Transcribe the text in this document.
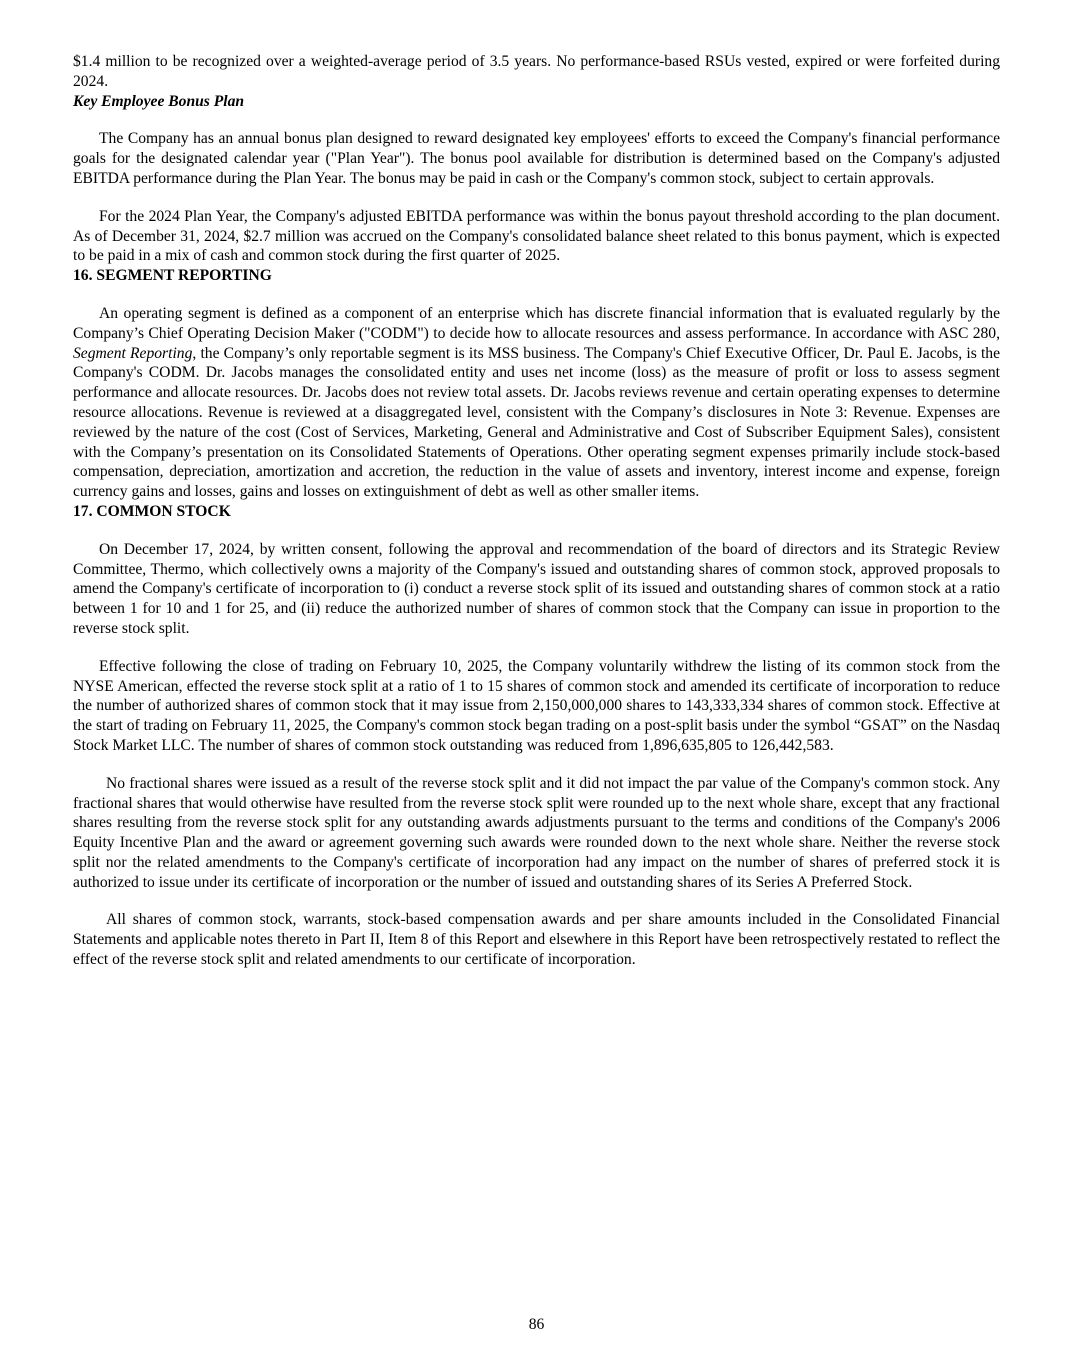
$1.4 million to be recognized over a weighted-average period of 3.5 years. No performance-based RSUs vested, expired or were forfeited during 2024.

Key Employee Bonus Plan

The Company has an annual bonus plan designed to reward designated key employees' efforts to exceed the Company's financial performance goals for the designated calendar year ("Plan Year"). The bonus pool available for distribution is determined based on the Company's adjusted EBITDA performance during the Plan Year. The bonus may be paid in cash or the Company's common stock, subject to certain approvals.

For the 2024 Plan Year, the Company's adjusted EBITDA performance was within the bonus payout threshold according to the plan document. As of December 31, 2024, $2.7 million was accrued on the Company's consolidated balance sheet related to this bonus payment, which is expected to be paid in a mix of cash and common stock during the first quarter of 2025.

16. SEGMENT REPORTING

An operating segment is defined as a component of an enterprise which has discrete financial information that is evaluated regularly by the Company’s Chief Operating Decision Maker ("CODM") to decide how to allocate resources and assess performance. In accordance with ASC 280, Segment Reporting, the Company’s only reportable segment is its MSS business. The Company's Chief Executive Officer, Dr. Paul E. Jacobs, is the Company's CODM. Dr. Jacobs manages the consolidated entity and uses net income (loss) as the measure of profit or loss to assess segment performance and allocate resources. Dr. Jacobs does not review total assets. Dr. Jacobs reviews revenue and certain operating expenses to determine resource allocations. Revenue is reviewed at a disaggregated level, consistent with the Company’s disclosures in Note 3: Revenue. Expenses are reviewed by the nature of the cost (Cost of Services, Marketing, General and Administrative and Cost of Subscriber Equipment Sales), consistent with the Company’s presentation on its Consolidated Statements of Operations. Other operating segment expenses primarily include stock-based compensation, depreciation, amortization and accretion, the reduction in the value of assets and inventory, interest income and expense, foreign currency gains and losses, gains and losses on extinguishment of debt as well as other smaller items.

17. COMMON STOCK

On December 17, 2024, by written consent, following the approval and recommendation of the board of directors and its Strategic Review Committee, Thermo, which collectively owns a majority of the Company's issued and outstanding shares of common stock, approved proposals to amend the Company's certificate of incorporation to (i) conduct a reverse stock split of its issued and outstanding shares of common stock at a ratio between 1 for 10 and 1 for 25, and (ii) reduce the authorized number of shares of common stock that the Company can issue in proportion to the reverse stock split.

Effective following the close of trading on February 10, 2025, the Company voluntarily withdrew the listing of its common stock from the NYSE American, effected the reverse stock split at a ratio of 1 to 15 shares of common stock and amended its certificate of incorporation to reduce the number of authorized shares of common stock that it may issue from 2,150,000,000 shares to 143,333,334 shares of common stock. Effective at the start of trading on February 11, 2025, the Company's common stock began trading on a post-split basis under the symbol “GSAT” on the Nasdaq Stock Market LLC. The number of shares of common stock outstanding was reduced from 1,896,635,805 to 126,442,583.

No fractional shares were issued as a result of the reverse stock split and it did not impact the par value of the Company's common stock. Any fractional shares that would otherwise have resulted from the reverse stock split were rounded up to the next whole share, except that any fractional shares resulting from the reverse stock split for any outstanding awards adjustments pursuant to the terms and conditions of the Company's 2006 Equity Incentive Plan and the award or agreement governing such awards were rounded down to the next whole share. Neither the reverse stock split nor the related amendments to the Company's certificate of incorporation had any impact on the number of shares of preferred stock it is authorized to issue under its certificate of incorporation or the number of issued and outstanding shares of its Series A Preferred Stock.

All shares of common stock, warrants, stock-based compensation awards and per share amounts included in the Consolidated Financial Statements and applicable notes thereto in Part II, Item 8 of this Report and elsewhere in this Report have been retrospectively restated to reflect the effect of the reverse stock split and related amendments to our certificate of incorporation.

86
